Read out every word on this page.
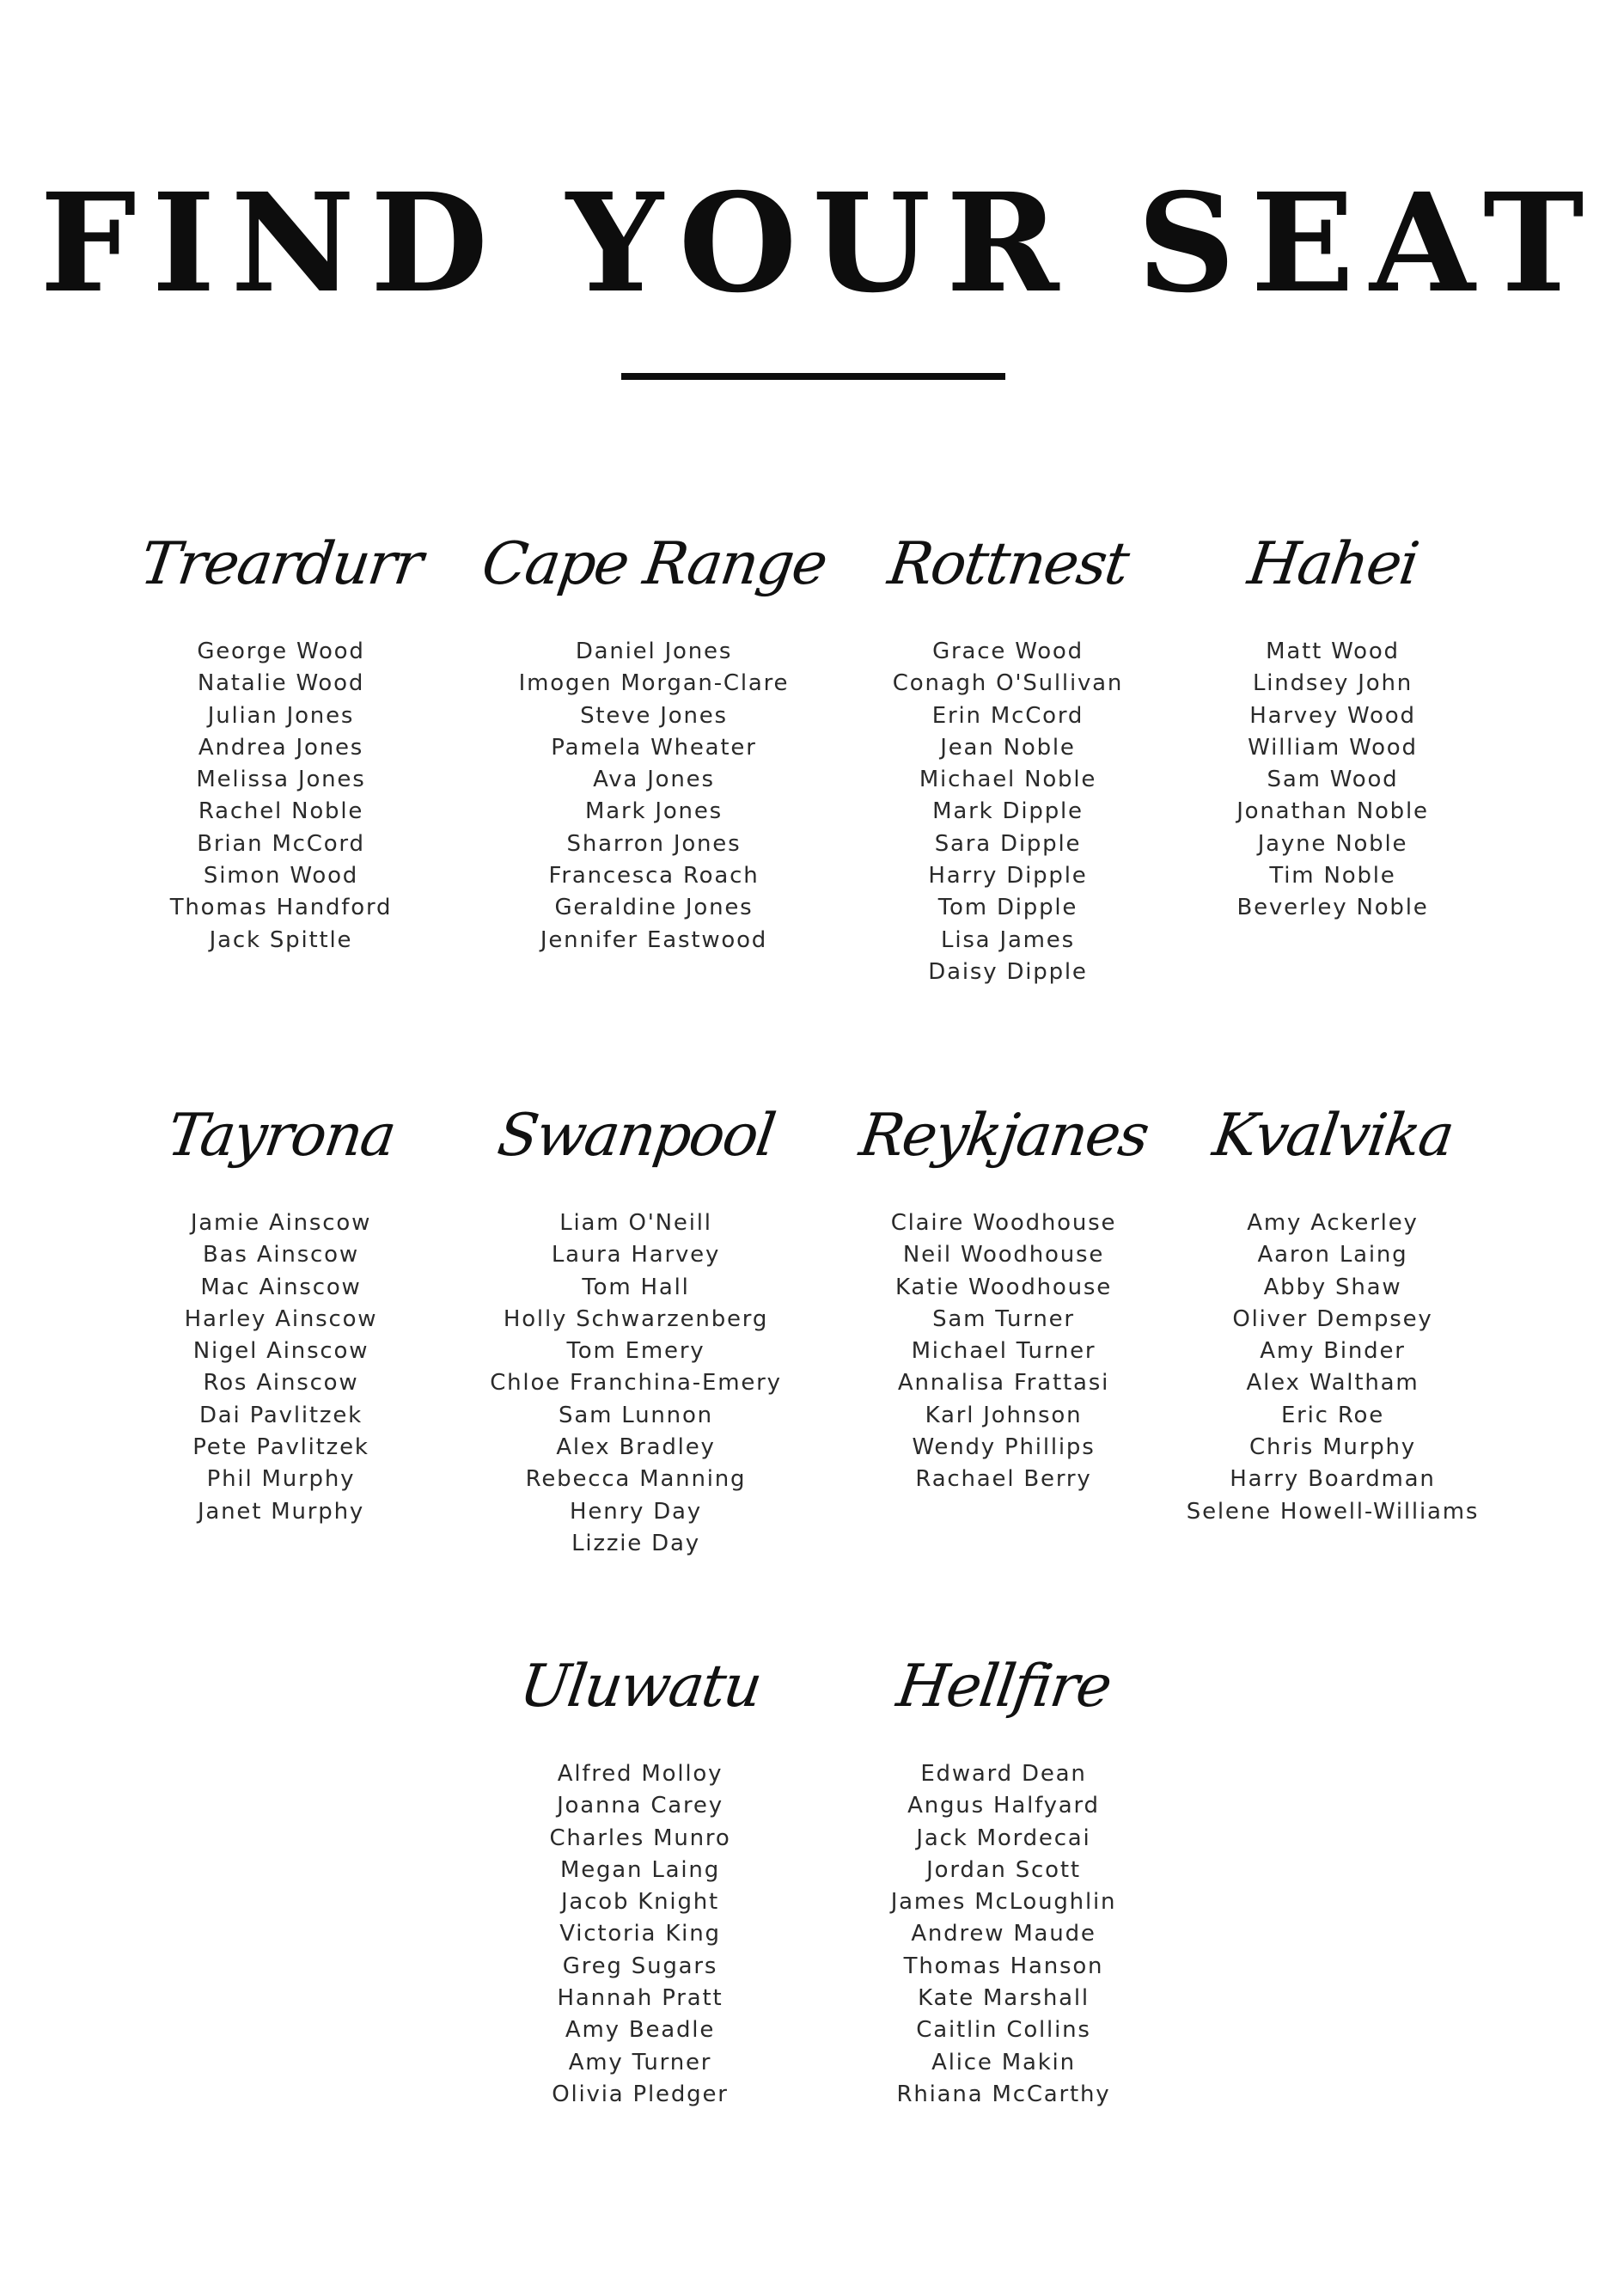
FIND YOUR SEAT
Treardurr
George Wood
Natalie Wood
Julian Jones
Andrea Jones
Melissa Jones
Rachel Noble
Brian McCord
Simon Wood
Thomas Handford
Jack Spittle
Cape Range
Daniel Jones
Imogen Morgan-Clare
Steve Jones
Pamela Wheater
Ava Jones
Mark Jones
Sharron Jones
Francesca Roach
Geraldine Jones
Jennifer Eastwood
Rottnest
Grace Wood
Conagh O'Sullivan
Erin McCord
Jean Noble
Michael Noble
Mark Dipple
Sara Dipple
Harry Dipple
Tom Dipple
Lisa James
Daisy Dipple
Hahei
Matt Wood
Lindsey John
Harvey Wood
William Wood
Sam Wood
Jonathan Noble
Jayne Noble
Tim Noble
Beverley Noble
Tayrona
Jamie Ainscow
Bas Ainscow
Mac Ainscow
Harley Ainscow
Nigel Ainscow
Ros Ainscow
Dai Pavlitzek
Pete Pavlitzek
Phil Murphy
Janet Murphy
Swanpool
Liam O'Neill
Laura Harvey
Tom Hall
Holly Schwarzenberg
Tom Emery
Chloe Franchina-Emery
Sam Lunnon
Alex Bradley
Rebecca Manning
Henry Day
Lizzie Day
Reykjanes
Claire Woodhouse
Neil Woodhouse
Katie Woodhouse
Sam Turner
Michael Turner
Annalisa Frattasi
Karl Johnson
Wendy Phillips
Rachael Berry
Kvalvika
Amy Ackerley
Aaron Laing
Abby Shaw
Oliver Dempsey
Amy Binder
Alex Waltham
Eric Roe
Chris Murphy
Harry Boardman
Selene Howell-Williams
Uluwatu
Alfred Molloy
Joanna Carey
Charles Munro
Megan Laing
Jacob Knight
Victoria King
Greg Sugars
Hannah Pratt
Amy Beadle
Amy Turner
Olivia Pledger
Hellfire
Edward Dean
Angus Halfyard
Jack Mordecai
Jordan Scott
James McLoughlin
Andrew Maude
Thomas Hanson
Kate Marshall
Caitlin Collins
Alice Makin
Rhiana McCarthy
